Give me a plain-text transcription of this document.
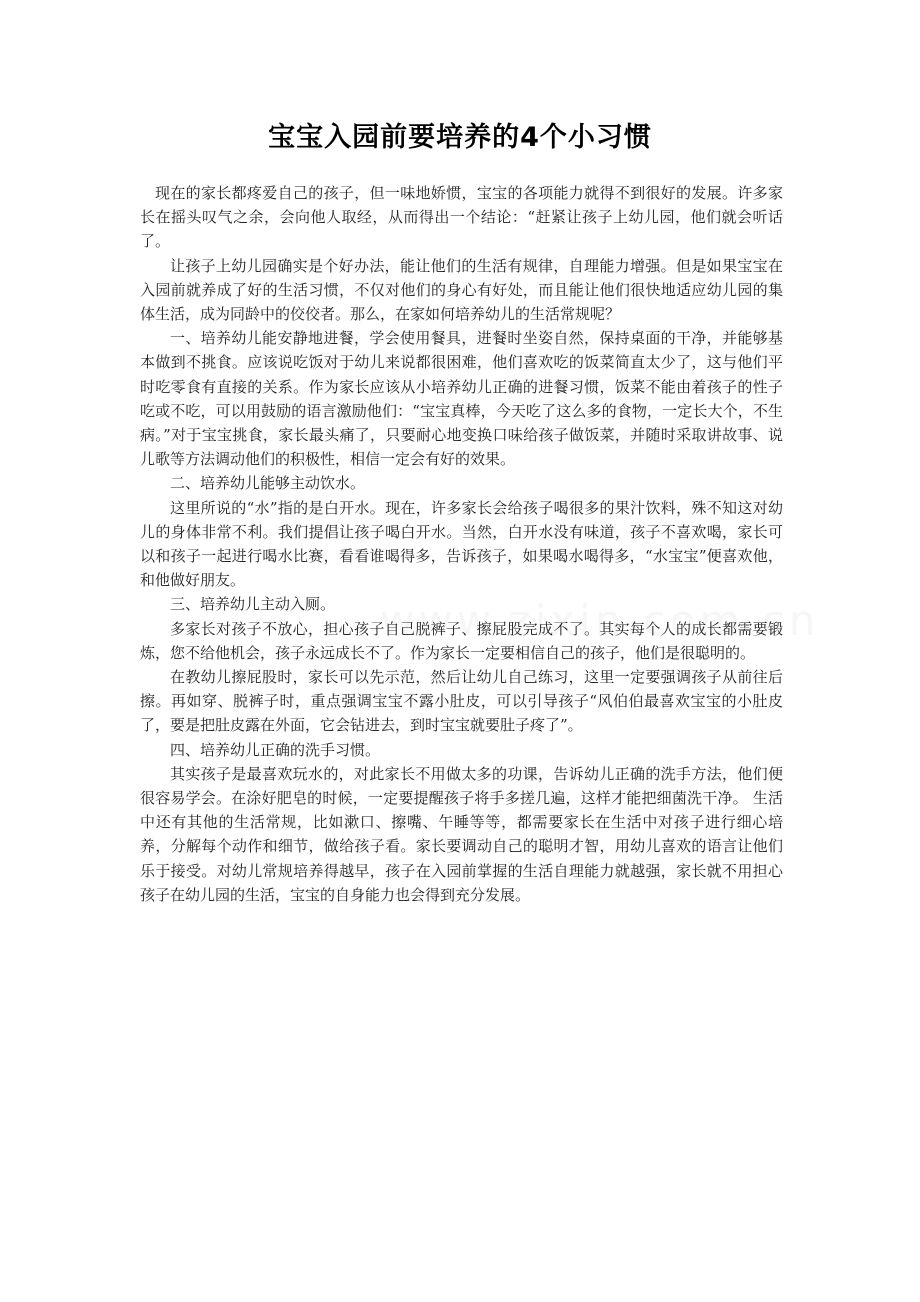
宝宝入园前要培养的4个小习惯

现在的家长都疼爱自己的孩子，但一味地娇惯，宝宝的各项能力就得不到很好的发展。许多家长在摇头叹气之余，会向他人取经，从而得出一个结论：“赶紧让孩子上幼儿园，他们就会听话了。

让孩子上幼儿园确实是个好办法，能让他们的生活有规律，自理能力增强。但是如果宝宝在入园前就养成了好的生活习惯，不仅对他们的身心有好处，而且能让他们很快地适应幼儿园的集体生活，成为同龄中的佼佼者。那么，在家如何培养幼儿的生活常规呢？

一、培养幼儿能安静地进餐，学会使用餐具，进餐时坐姿自然，保持桌面的干净，并能够基本做到不挑食。应该说吃饭对于幼儿来说都很困难，他们喜欢吃的饭菜简直太少了，这与他们平时吃零食有直接的关系。作为家长应该从小培养幼儿正确的进餐习惯，饭菜不能由着孩子的性子吃或不吃，可以用鼓励的语言激励他们：“宝宝真棒，今天吃了这么多的食物，一定长大个，不生病。”对于宝宝挑食，家长最头痛了，只要耐心地变换口味给孩子做饭菜，并随时采取讲故事、说儿歌等方法调动他们的积极性，相信一定会有好的效果。

二、培养幼儿能够主动饮水。

这里所说的“水”指的是白开水。现在，许多家长会给孩子喝很多的果汁饮料，殊不知这对幼儿的身体非常不利。我们提倡让孩子喝白开水。当然，白开水没有味道，孩子不喜欢喝，家长可以和孩子一起进行喝水比赛，看看谁喝得多，告诉孩子，如果喝水喝得多，“水宝宝”便喜欢他，和他做好朋友。

三、培养幼儿主动入厕。

多家长对孩子不放心，担心孩子自己脱裤子、擦屁股完成不了。其实每个人的成长都需要锻炼，您不给他机会，孩子永远成长不了。作为家长一定要相信自己的孩子，他们是很聪明的。

在教幼儿擦屁股时，家长可以先示范，然后让幼儿自己练习，这里一定要强调孩子从前往后擦。再如穿、脱裤子时，重点强调宝宝不露小肚皮，可以引导孩子“风伯伯最喜欢宝宝的小肚皮了，要是把肚皮露在外面，它会钻进去，到时宝宝就要肚子疼了”。

四、培养幼儿正确的洗手习惯。

其实孩子是最喜欢玩水的，对此家长不用做太多的功课，告诉幼儿正确的洗手方法，他们便很容易学会。在涂好肥皂的时候，一定要提醒孩子将手多搓几遍，这样才能把细菌洗干净。 生活中还有其他的生活常规，比如漱口、擦嘴、午睡等等，都需要家长在生活中对孩子进行细心培养，分解每个动作和细节，做给孩子看。家长要调动自己的聪明才智，用幼儿喜欢的语言让他们乐于接受。对幼儿常规培养得越早，孩子在入园前掌握的生活自理能力就越强，家长就不用担心孩子在幼儿园的生活，宝宝的自身能力也会得到充分发展。
